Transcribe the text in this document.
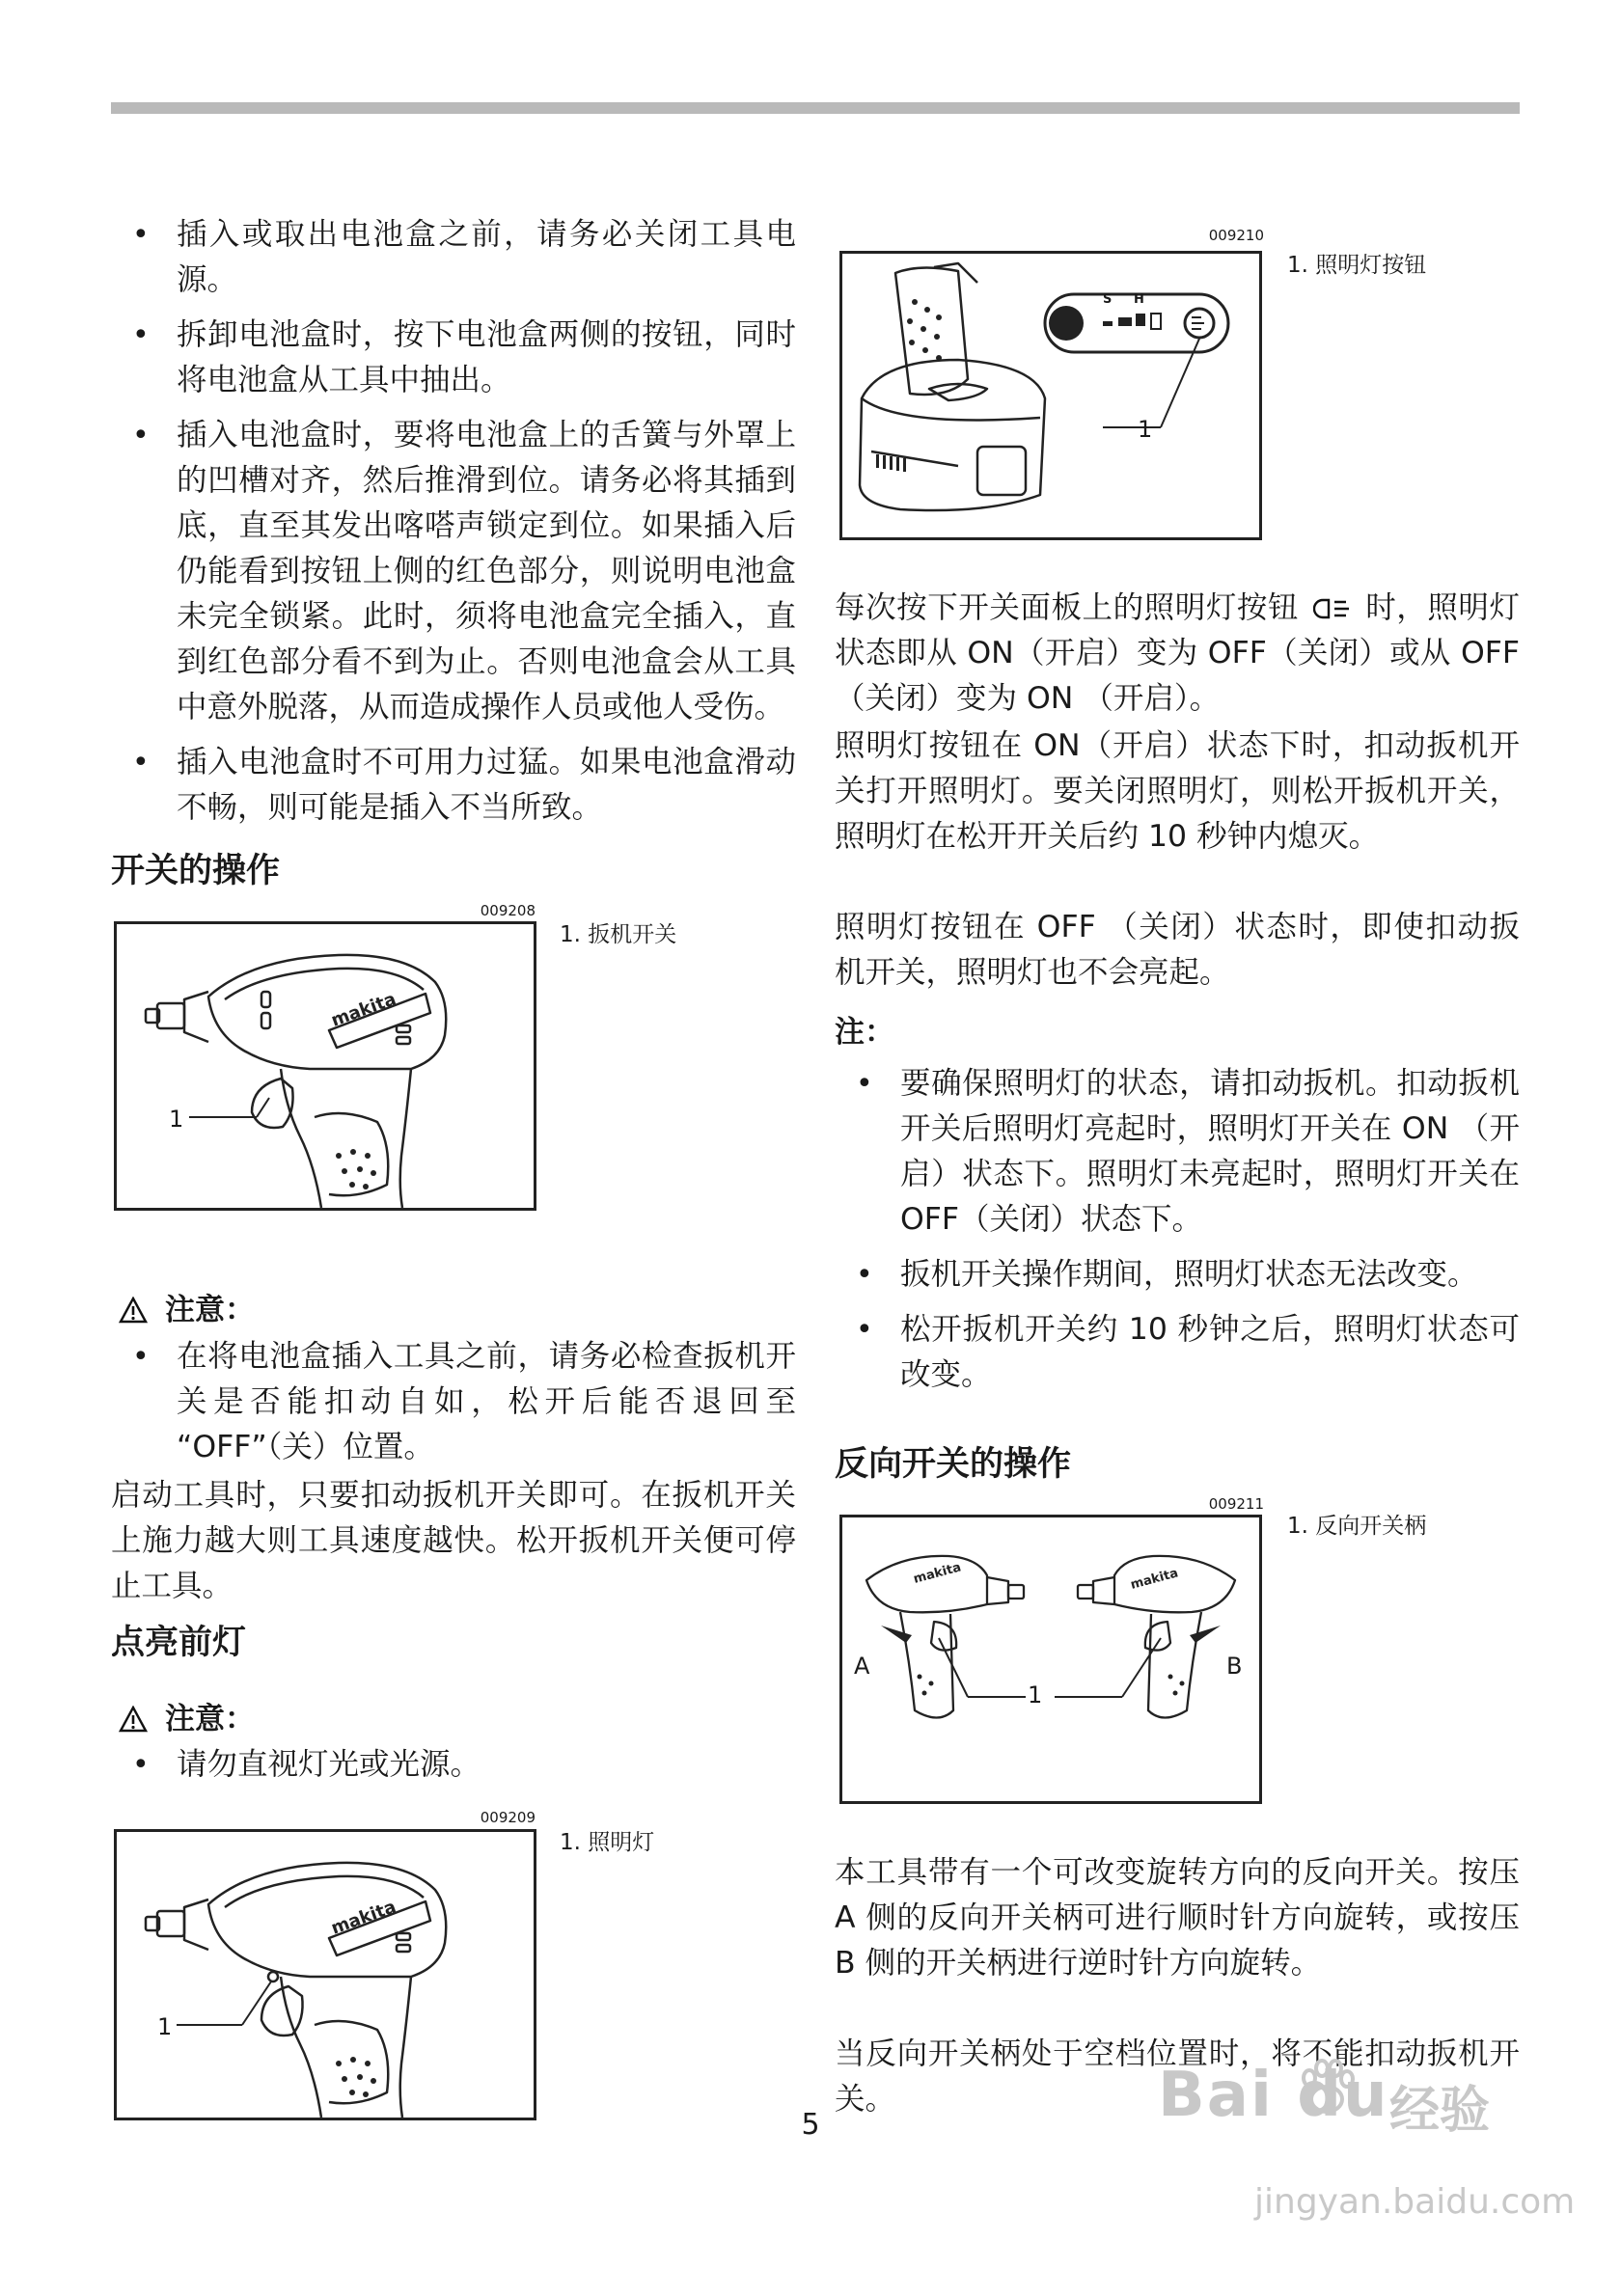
• 插入或取出电池盒之前，请务必关闭工具电源。
• 拆卸电池盒时，按下电池盒两侧的按钮，同时将电池盒从工具中抽出。
• 插入电池盒时，要将电池盒上的舌簧与外罩上的凹槽对齐，然后推滑到位。请务必将其插到底，直至其发出喀嗒声锁定到位。如果插入后仍能看到按钮上侧的红色部分，则说明电池盒未完全锁紧。此时，须将电池盒完全插入，直到红色部分看不到为止。否则电池盒会从工具中意外脱落，从而造成操作人员或他人受伤。
• 插入电池盒时不可用力过猛。如果电池盒滑动不畅，则可能是插入不当所致。
开关的操作
009208
makita
1
1. 扳机开关
注意：
• 在将电池盒插入工具之前，请务必检查扳机开关是否能扣动自如，松开后能否退回至 “OFF”（关）位置。

启动工具时，只要扣动扳机开关即可。在扳机开关上施力越大则工具速度越快。松开扳机开关便可停止工具。

点亮前灯
注意：
• 请勿直视灯光或光源。
009209
makita
1
1. 照明灯
009210
S H
1
1. 照明灯按钮

每次按下开关面板上的照明灯按钮 时，照明灯状态即从 ON（开启）变为 OFF（关闭）或从 OFF （关闭）变为 ON （开启）。

照明灯按钮在 ON（开启）状态下时，扣动扳机开关打开照明灯。要关闭照明灯，则松开扳机开关，照明灯在松开开关后约 10 秒钟内熄灭。

照明灯按钮在 OFF （关闭）状态时，即使扣动扳机开关，照明灯也不会亮起。

注：
• 要确保照明灯的状态，请扣动扳机。扣动扳机开关后照明灯亮起时，照明灯开关在 ON （开启）状态下。照明灯未亮起时，照明灯开关在 OFF（关闭）状态下。
• 扳机开关操作期间，照明灯状态无法改变。
• 松开扳机开关约 10 秒钟之后，照明灯状态可改变。
反向开关的操作
009211
makita	makita
A	B
1
1. 反向开关柄

本工具带有一个可改变旋转方向的反向开关。按压 A 侧的反向开关柄可进行顺时针方向旋转，或按压 B 侧的开关柄进行逆时针方向旋转。

当反向开关柄处于空档位置时，将不能扣动扳机开关。

5	Bai du 经验
jingyan.baidu.com
